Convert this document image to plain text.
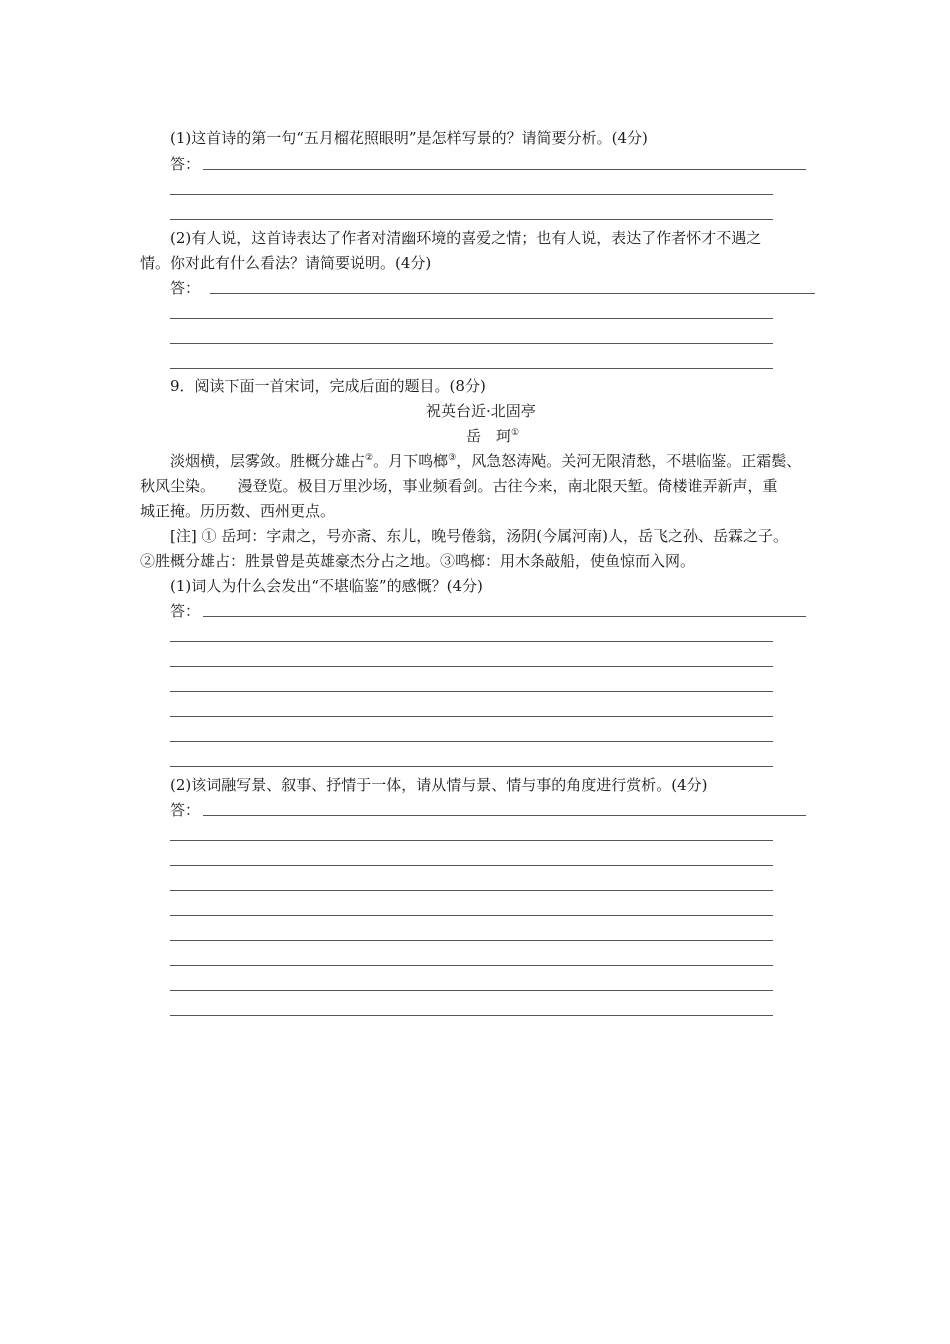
(1)这首诗的第一句“五月榴花照眼明”是怎样写景的？请简要分析。(4分)
答：
(2)有人说，这首诗表达了作者对清幽环境的喜爱之情；也有人说，表达了作者怀才不遇之
情。你对此有什么看法？请简要说明。(4分)
答：
9．阅读下面一首宋词，完成后面的题目。(8分)
祝英台近·北固亭
岳　珂①
淡烟横，层雾敛。胜概分雄占②。月下鸣榔③，风急怒涛飐。关河无限清愁，不堪临鉴。正霜鬓、
秋风尘染。　　漫登览。极目万里沙场，事业频看剑。古往今来，南北限天堑。倚楼谁弄新声，重
城正掩。历历数、西州更点。
[注] ① 岳珂：字肃之，号亦斋、东儿，晚号倦翁，汤阴(今属河南)人，岳飞之孙、岳霖之子。
②胜概分雄占：胜景曾是英雄豪杰分占之地。③鸣榔：用木条敲船，使鱼惊而入网。
(1)词人为什么会发出“不堪临鉴”的感慨？(4分)
答：
(2)该词融写景、叙事、抒情于一体，请从情与景、情与事的角度进行赏析。(4分)
答：
